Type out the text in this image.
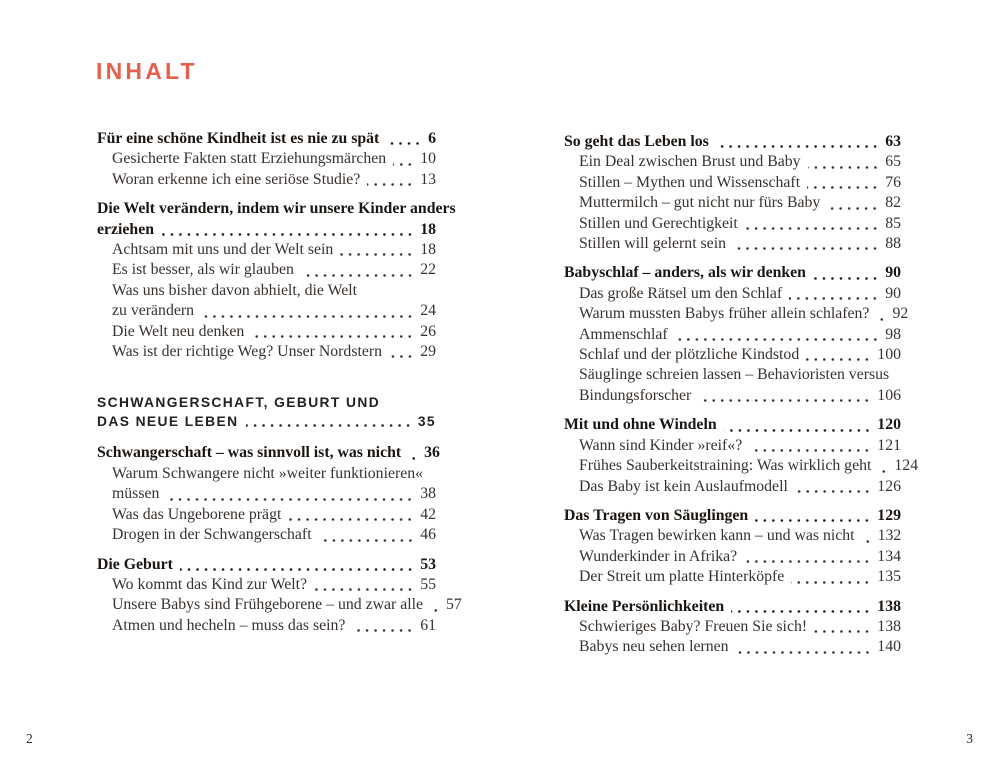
INHALT
Für eine schöne Kindheit ist es nie zu spät	6
Gesicherte Fakten statt Erziehungsmärchen 10
Woran erkenne ich eine seriöse Studie?	13
Die Welt verändern, indem wir unsere Kinder anders
erziehen	18
Achtsam mit uns und der Welt sein	18
Es ist besser, als wir glauben	22
Was uns bisher davon abhielt, die Welt
zu verändern	24
Die Welt neu denken	26
Was ist der richtige Weg? Unser Nordstern 29
SCHWANGERSCHAFT, GEBURT UND
DAS NEUE LEBEN	35
Schwangerschaft – was sinnvoll ist, was nicht 36
Warum Schwangere nicht »weiter funktionieren«
müssen	38
Was das Ungeborene prägt	42
Drogen in der Schwangerschaft	46
Die Geburt	53
Wo kommt das Kind zur Welt?	55
Unsere Babys sind Frühgeborene – und zwar alle 57
Atmen und hecheln – muss das sein?	61
So geht das Leben los	63
Ein Deal zwischen Brust und Baby	65
Stillen – Mythen und Wissenschaft	76
Muttermilch – gut nicht nur fürs Baby	82
Stillen und Gerechtigkeit	85
Stillen will gelernt sein	88
Babyschlaf – anders, als wir denken	90
Das große Rätsel um den Schlaf	90
Warum mussten Babys früher allein schlafen? 92
Ammenschlaf	98
Schlaf und der plötzliche Kindstod	100
Säuglinge schreien lassen – Behavioristen versus
Bindungsforscher	106
Mit und ohne Windeln	120
Wann sind Kinder »reif«?	121
Frühes Sauberkeitstraining: Was wirklich geht 124
Das Baby ist kein Auslaufmodell	126
Das Tragen von Säuglingen	129
Was Tragen bewirken kann – und was nicht 132
Wunderkinder in Afrika?	134
Der Streit um platte Hinterköpfe	135
Kleine Persönlichkeiten	138
Schwieriges Baby? Freuen Sie sich!	138
Babys neu sehen lernen	140
2	3
